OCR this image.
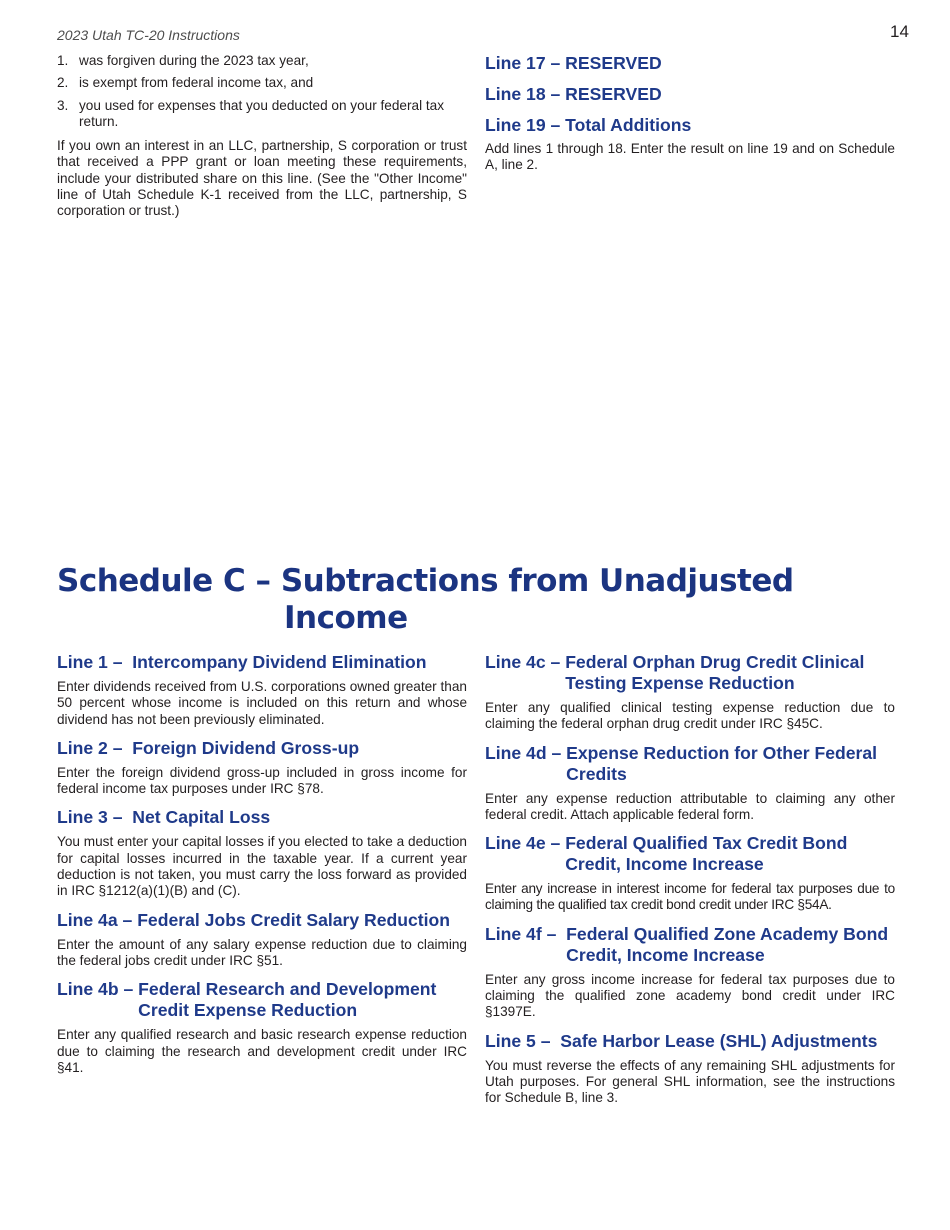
2023 Utah TC-20 Instructions	14
1. was forgiven during the 2023 tax year,
2. is exempt from federal income tax, and
3. you used for expenses that you deducted on your federal tax return.

If you own an interest in an LLC, partnership, S corporation or trust that received a PPP grant or loan meeting these requirements, include your distributed share on this line. (See the "Other Income" line of Utah Schedule K-1 received from the LLC, partnership, S corporation or trust.)

Line 17 – RESERVED
Line 18 – RESERVED
Line 19 – Total Additions

Add lines 1 through 18. Enter the result on line 19 and on Schedule A, line 2.

Schedule C – Subtractions from Unadjusted
Income
Line 1 – Intercompany Dividend Elimination

Enter dividends received from U.S. corporations owned greater than 50 percent whose income is included on this return and whose dividend has not been previously eliminated.

Line 2 – Foreign Dividend Gross-up

Enter the foreign dividend gross-up included in gross income for federal income tax purposes under IRC §78.

Line 3 – Net Capital Loss

You must enter your capital losses if you elected to take a deduction for capital losses incurred in the taxable year. If a current year deduction is not taken, you must carry the loss forward as provided in IRC §1212(a)(1)(B) and (C).

Line 4a – Federal Jobs Credit Salary Reduction

Enter the amount of any salary expense reduction due to claiming the federal jobs credit under IRC §51.

Line 4b – Federal Research and Development Credit Expense Reduction

Enter any qualified research and basic research expense reduction due to claiming the research and development credit under IRC §41.

Line 4c – Federal Orphan Drug Credit Clinical Testing Expense Reduction

Enter any qualified clinical testing expense reduction due to claiming the federal orphan drug credit under IRC §45C.

Line 4d – Expense Reduction for Other Federal Credits

Enter any expense reduction attributable to claiming any other federal credit. Attach applicable federal form.

Line 4e – Federal Qualified Tax Credit Bond Credit, Income Increase

Enter any increase in interest income for federal tax purposes due to claiming the qualified tax credit bond credit under IRC §54A.

Line 4f – Federal Qualified Zone Academy Bond Credit, Income Increase

Enter any gross income increase for federal tax purposes due to claiming the qualified zone academy bond credit under IRC §1397E.

Line 5 – Safe Harbor Lease (SHL) Adjustments

You must reverse the effects of any remaining SHL adjustments for Utah purposes. For general SHL information, see the instructions for Schedule B, line 3.
